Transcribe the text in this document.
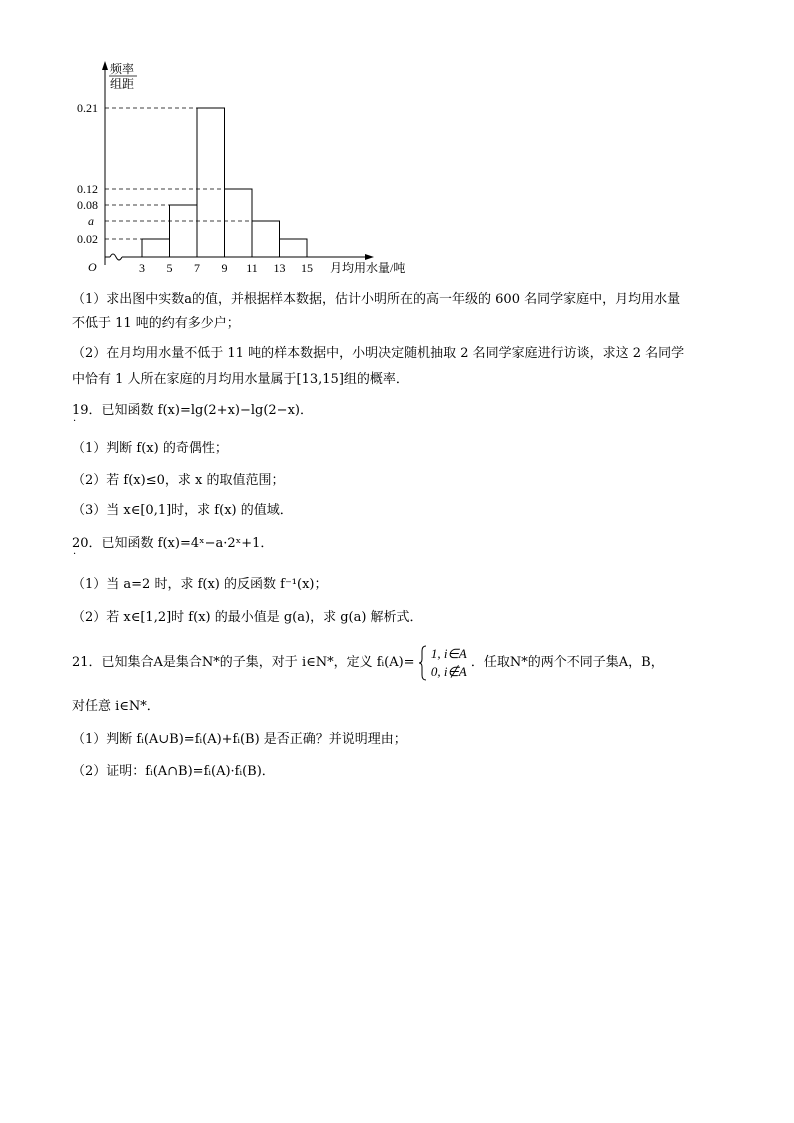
频率
组距
0.21
0.12
0.08
a
0.02
O	3 5 7 9 11 13 15 月均用水量/吨
（1）求出图中实数a的值，并根据样本数据，估计小明所在的高一年级的 600 名同学家庭中，月均用水量
不低于 11 吨的约有多少户；
（2）在月均用水量不低于 11 吨的样本数据中，小明决定随机抽取 2 名同学家庭进行访谈，求这 2 名同学
中恰有 1 人所在家庭的月均用水量属于[13,15]组的概率．
19．已知函数 f(x)=lg(2+x)−lg(2−x)．
·
（1）判断 f(x) 的奇偶性；
（2）若 f(x)≤0，求 x 的取值范围；
（3）当 x∈[0,1]时，求 f(x) 的值域．
20．已知函数 f(x)=4ˣ−a·2ˣ+1．
·
（1）当 a=2 时，求 f(x) 的反函数 f⁻¹(x)；
（2）若 x∈[1,2]时 f(x) 的最小值是 g(a)，求 g(a) 解析式．
21．已知集合A是集合N*的子集，对于 i∈N*，定义 fᵢ(A)=
1, i∈A
0, i∉A
．任取N*的两个不同子集A，B，
对任意 i∈N*．
（1）判断 fᵢ(A∪B)=fᵢ(A)+fᵢ(B) 是否正确？并说明理由；
（2）证明：fᵢ(A∩B)=fᵢ(A)·fᵢ(B)．
